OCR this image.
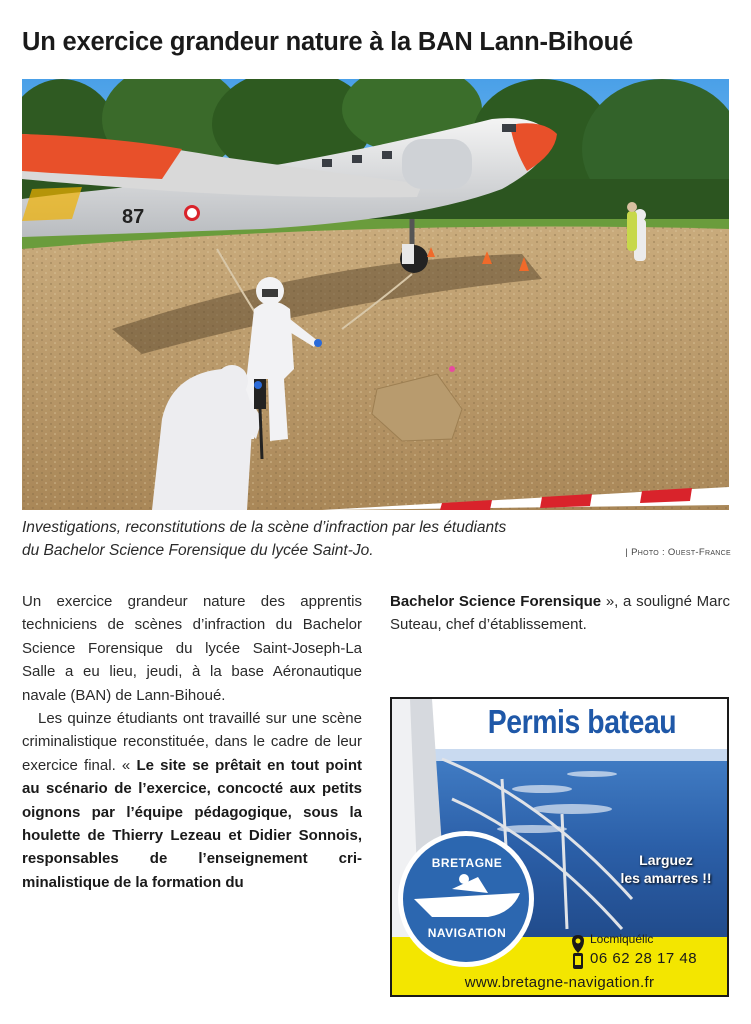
Un exercice grandeur nature à la BAN Lann-Bihoué
87
Investigations, reconstitutions de la scène d’infraction par les étudiants
du Bachelor Science Forensique du lycée Saint-Jo.	| Photo : Ouest-France

Un exercice grandeur nature des apprentis techniciens de scènes d’infraction du Bachelor Science Forensique du lycée Saint-Joseph-La Salle a eu lieu, jeudi, à la base Aéronautique navale (BAN) de Lann-Bihoué.

Les quinze étudiants ont travaillé sur une scène criminalistique reconstituée, dans le cadre de leur exercice final. « Le site se prêtait en tout point au scénario de l’exercice, concocté aux petits oignons par l’équipe pédagogique, sous la houlette de Thierry Lezeau et Didier Sonnois, responsables de l’enseignement criminalistique de la formation du

Bachelor Science Forensique », a souligné Marc Suteau, chef d’établissement.

Permis bateau
Larguez
les amarres !!
BRETAGNE
NAVIGATION	Locmiquélic
06 62 28 17 48
www.bretagne-navigation.fr
